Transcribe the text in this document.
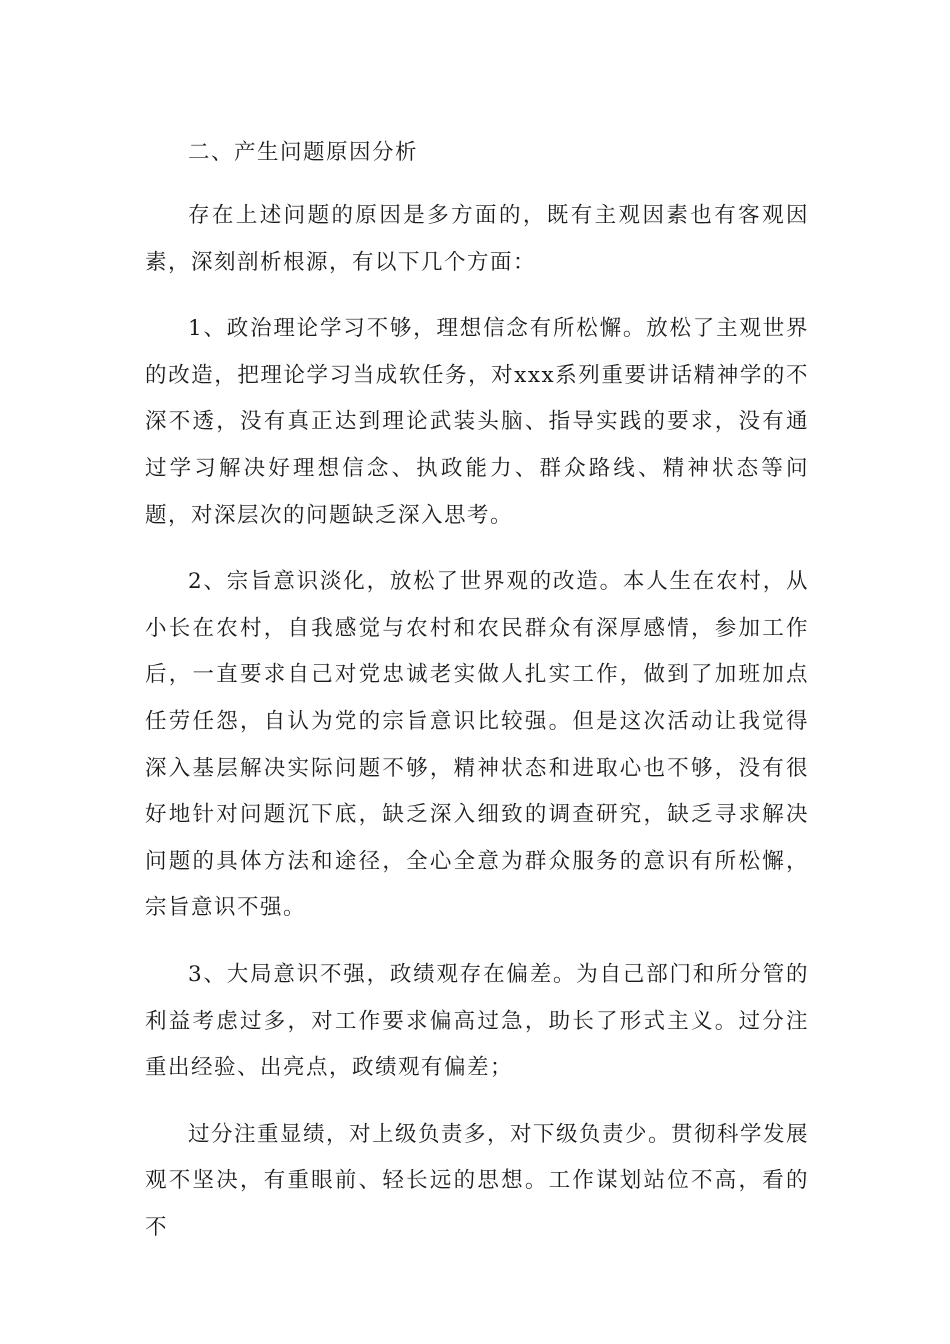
二、产生问题原因分析

存在上述问题的原因是多方面的，既有主观因素也有客观因素，深刻剖析根源，有以下几个方面：

1、政治理论学习不够，理想信念有所松懈。放松了主观世界的改造，把理论学习当成软任务，对xxx系列重要讲话精神学的不深不透，没有真正达到理论武装头脑、指导实践的要求，没有通过学习解决好理想信念、执政能力、群众路线、精神状态等问题，对深层次的问题缺乏深入思考。

2、宗旨意识淡化，放松了世界观的改造。本人生在农村，从小长在农村，自我感觉与农村和农民群众有深厚感情，参加工作后，一直要求自己对党忠诚老实做人扎实工作，做到了加班加点任劳任怨，自认为党的宗旨意识比较强。但是这次活动让我觉得深入基层解决实际问题不够，精神状态和进取心也不够，没有很好地针对问题沉下底，缺乏深入细致的调查研究，缺乏寻求解决问题的具体方法和途径，全心全意为群众服务的意识有所松懈，宗旨意识不强。

3、大局意识不强，政绩观存在偏差。为自己部门和所分管的利益考虑过多，对工作要求偏高过急，助长了形式主义。过分注重出经验、出亮点，政绩观有偏差；

过分注重显绩，对上级负责多，对下级负责少。贯彻科学发展观不坚决，有重眼前、轻长远的思想。工作谋划站位不高，看的不
